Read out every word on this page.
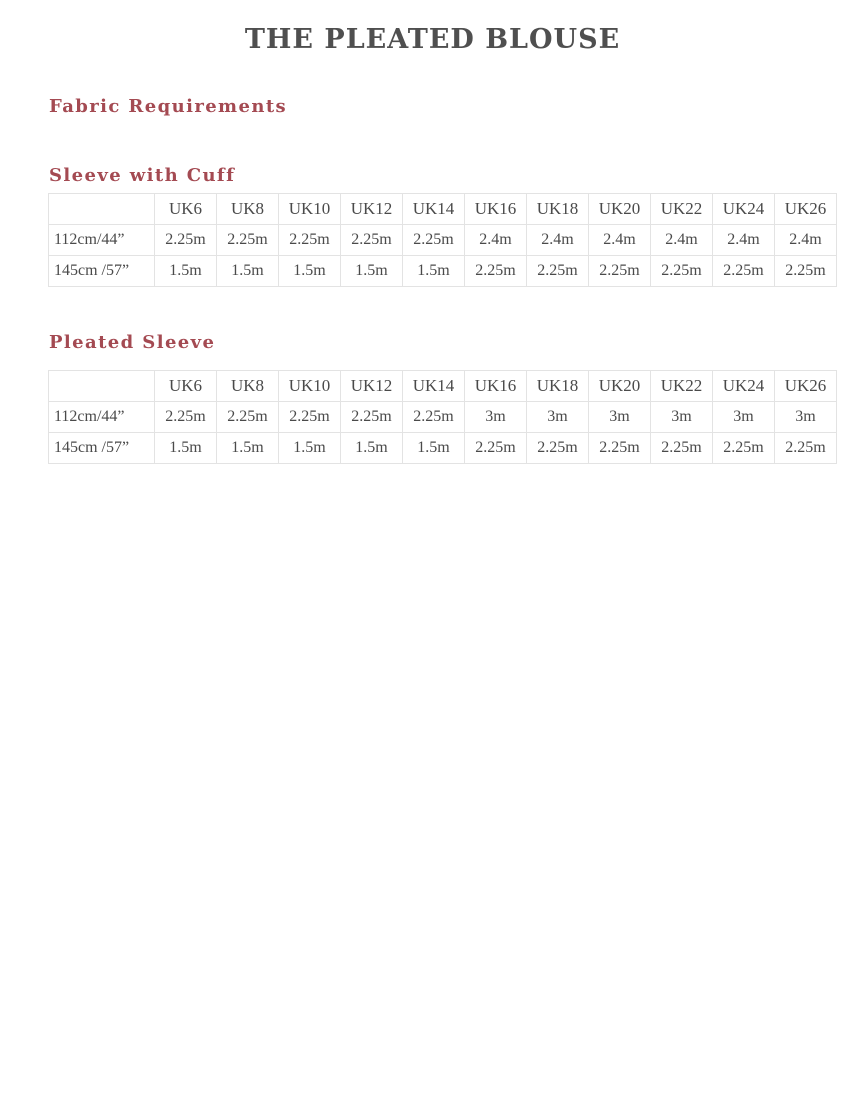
THE PLEATED BLOUSE
Fabric Requirements
Sleeve with Cuff
	UK6	UK8	UK10	UK12	UK14	UK16	UK18	UK20	UK22	UK24	UK26
112cm/44”	2.25m	2.25m	2.25m	2.25m	2.25m	2.4m	2.4m	2.4m	2.4m	2.4m	2.4m
145cm /57”	1.5m	1.5m	1.5m	1.5m	1.5m	2.25m	2.25m	2.25m	2.25m	2.25m	2.25m
Pleated Sleeve
	UK6	UK8	UK10	UK12	UK14	UK16	UK18	UK20	UK22	UK24	UK26
112cm/44”	2.25m	2.25m	2.25m	2.25m	2.25m	3m	3m	3m	3m	3m	3m
145cm /57”	1.5m	1.5m	1.5m	1.5m	1.5m	2.25m	2.25m	2.25m	2.25m	2.25m	2.25m
